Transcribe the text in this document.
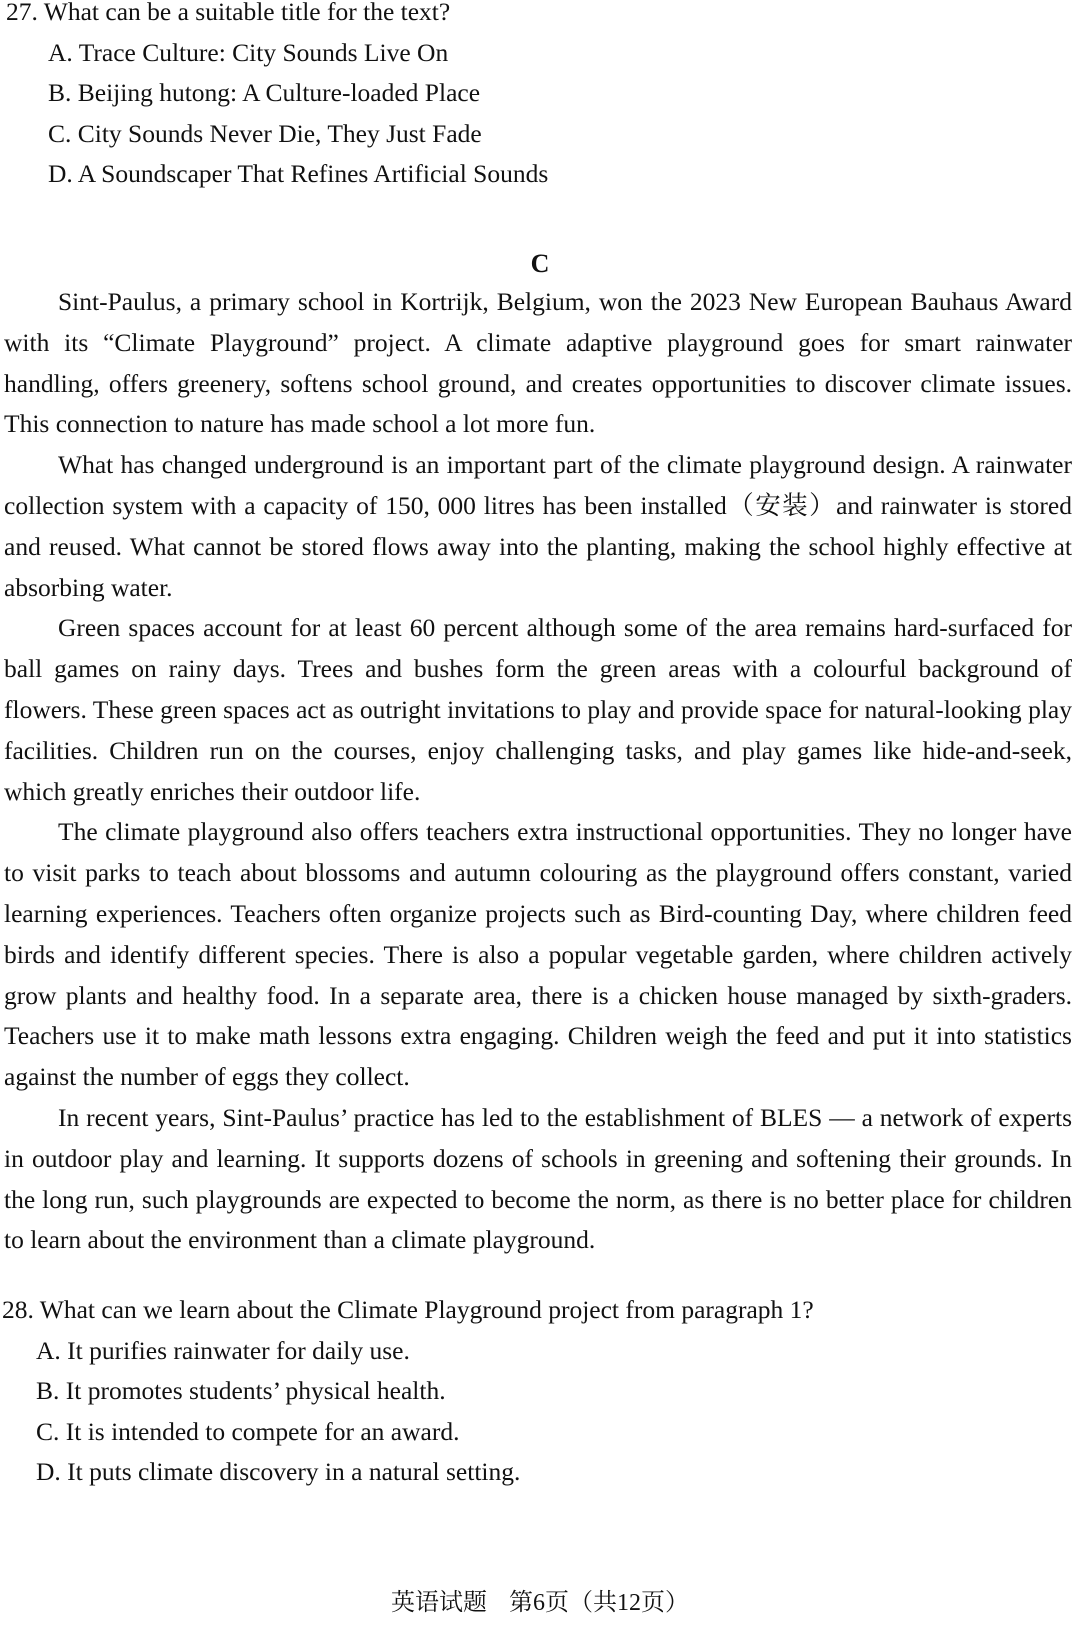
27. What can be a suitable title for the text?
A. Trace Culture: City Sounds Live On
B. Beijing hutong: A Culture-loaded Place
C. City Sounds Never Die, They Just Fade
D. A Soundscaper That Refines Artificial Sounds
C

Sint-Paulus, a primary school in Kortrijk, Belgium, won the 2023 New European Bauhaus Award with its “Climate Playground” project. A climate adaptive playground goes for smart rainwater handling, offers greenery, softens school ground, and creates opportunities to discover climate issues. This connection to nature has made school a lot more fun.

What has changed underground is an important part of the climate playground design. A rainwater collection system with a capacity of 150, 000 litres has been installed（安装）and rainwater is stored and reused. What cannot be stored flows away into the planting, making the school highly effective at absorbing water.

Green spaces account for at least 60 percent although some of the area remains hard-surfaced for ball games on rainy days. Trees and bushes form the green areas with a colourful background of flowers. These green spaces act as outright invitations to play and provide space for natural-looking play facilities. Children run on the courses, enjoy challenging tasks, and play games like hide-and-seek, which greatly enriches their outdoor life.

The climate playground also offers teachers extra instructional opportunities. They no longer have to visit parks to teach about blossoms and autumn colouring as the playground offers constant, varied learning experiences. Teachers often organize projects such as Bird-counting Day, where children feed birds and identify different species. There is also a popular vegetable garden, where children actively grow plants and healthy food. In a separate area, there is a chicken house managed by sixth-graders. Teachers use it to make math lessons extra engaging. Children weigh the feed and put it into statistics against the number of eggs they collect.

In recent years, Sint-Paulus’ practice has led to the establishment of BLES — a network of experts in outdoor play and learning. It supports dozens of schools in greening and softening their grounds. In the long run, such playgrounds are expected to become the norm, as there is no better place for children to learn about the environment than a climate playground.

28. What can we learn about the Climate Playground project from paragraph 1?
A. It purifies rainwater for daily use.
B. It promotes students’ physical health.
C. It is intended to compete for an award.
D. It puts climate discovery in a natural setting.
英语试题 第6页（共12页）
